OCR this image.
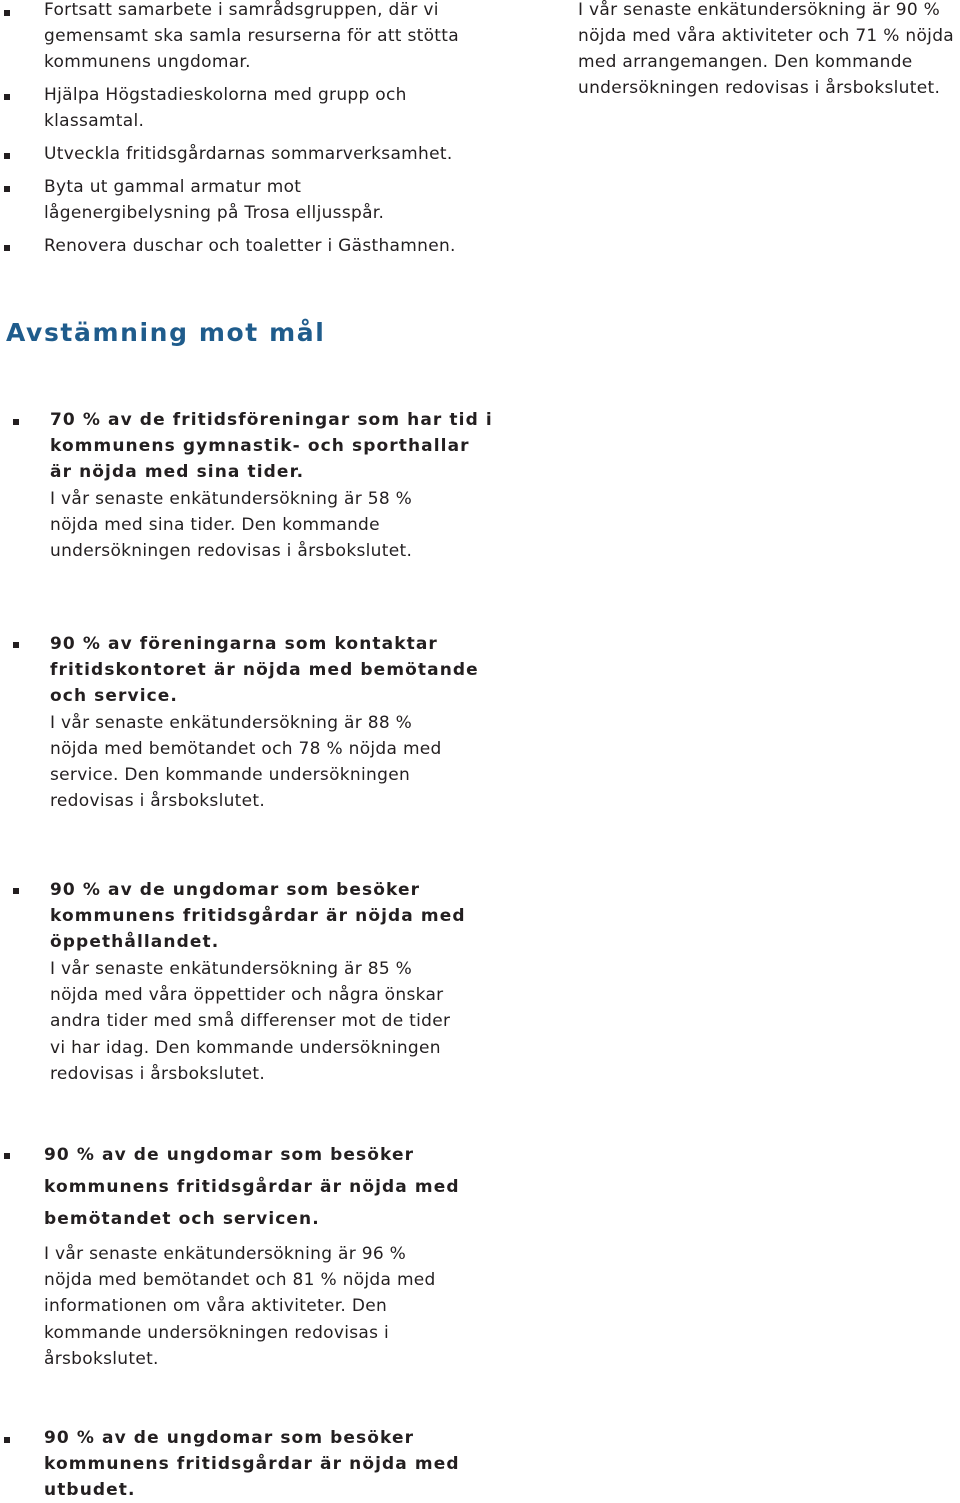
Fortsatt samarbete i samrådsgruppen, där vi
gemensamt ska samla resurserna för att stötta
kommunens ungdomar.
Hjälpa Högstadieskolorna med grupp och
klassamtal.
Utveckla fritidsgårdarnas sommarverksamhet.
Byta ut gammal armatur mot
lågenergibelysning på Trosa elljusspår.
Renovera duschar och toaletter i Gästhamnen.
I vår senaste enkätundersökning är 90 %
nöjda med våra aktiviteter och 71 % nöjda
med arrangemangen. Den kommande
undersökningen redovisas i årsbokslutet.
Avstämning mot mål
70 % av de fritidsföreningar som har tid i
kommunens gymnastik- och sporthallar
är nöjda med sina tider.
I vår senaste enkätundersökning är 58 %
nöjda med sina tider. Den kommande
undersökningen redovisas i årsbokslutet.
90 % av föreningarna som kontaktar
fritidskontoret är nöjda med bemötande
och service.
I vår senaste enkätundersökning är 88 %
nöjda med bemötandet och 78 % nöjda med
service. Den kommande undersökningen
redovisas i årsbokslutet.
90 % av de ungdomar som besöker
kommunens fritidsgårdar är nöjda med
öppethållandet.
I vår senaste enkätundersökning är 85 %
nöjda med våra öppettider och några önskar
andra tider med små differenser mot de tider
vi har idag. Den kommande undersökningen
redovisas i årsbokslutet.
90 % av de ungdomar som besöker
kommunens fritidsgårdar är nöjda med
bemötandet och servicen.
I vår senaste enkätundersökning är 96 %
nöjda med bemötandet och 81 % nöjda med
informationen om våra aktiviteter. Den
kommande undersökningen redovisas i
årsbokslutet.
90 % av de ungdomar som besöker
kommunens fritidsgårdar är nöjda med
utbudet.
